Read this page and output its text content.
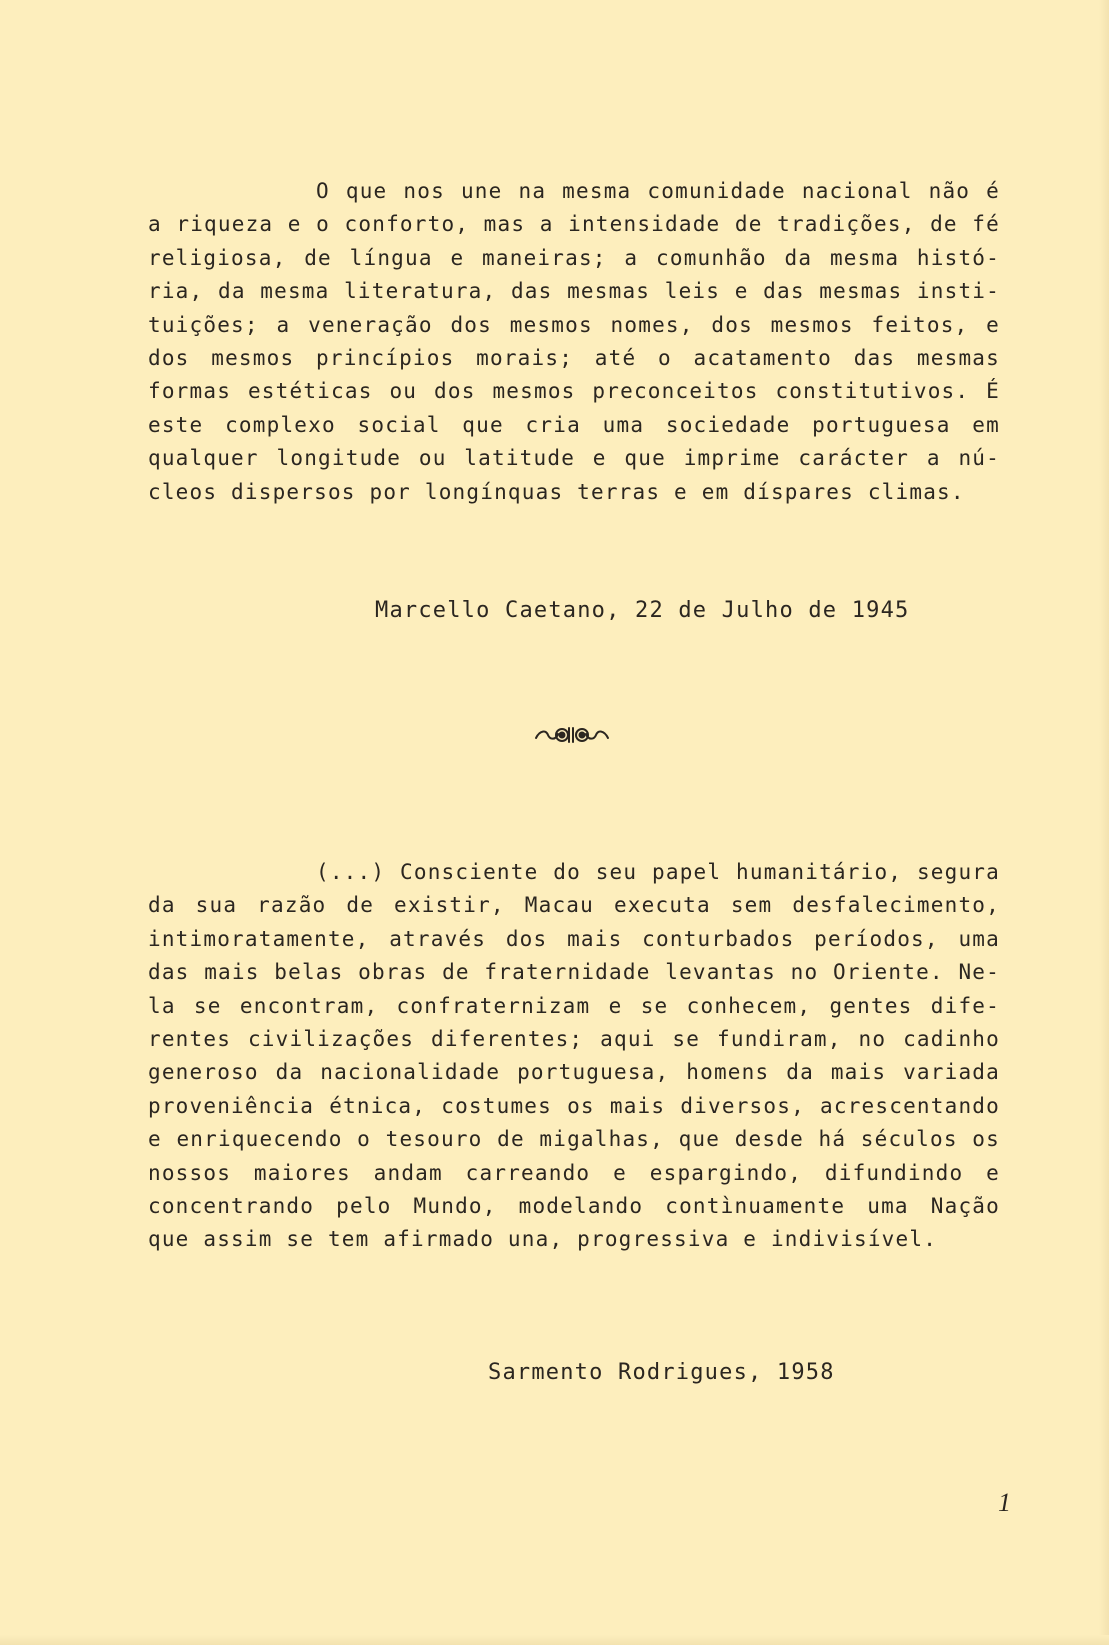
O que nos une na mesma comunidade nacional não é
a riqueza e o conforto, mas a intensidade de tradições, de fé
religiosa, de língua e maneiras; a comunhão da mesma histó-
ria, da mesma literatura, das mesmas leis e das mesmas insti-
tuições; a veneração dos mesmos nomes, dos mesmos feitos, e
dos mesmos princípios morais; até o acatamento das mesmas
formas estéticas ou dos mesmos preconceitos constitutivos. É
este complexo social que cria uma sociedade portuguesa em
qualquer longitude ou latitude e que imprime carácter a nú-
cleos dispersos por longínquas terras e em díspares climas.
Marcello Caetano, 22 de Julho de 1945
(...) Consciente do seu papel humanitário, segura
da sua razão de existir, Macau executa sem desfalecimento,
intimoratamente, através dos mais conturbados períodos, uma
das mais belas obras de fraternidade levantas no Oriente. Ne-
la se encontram, confraternizam e se conhecem, gentes dife-
rentes civilizações diferentes; aqui se fundiram, no cadinho
generoso da nacionalidade portuguesa, homens da mais variada
proveniência étnica, costumes os mais diversos, acrescentando
e enriquecendo o tesouro de migalhas, que desde há séculos os
nossos maiores andam carreando e espargindo, difundindo e
concentrando pelo Mundo, modelando contìnuamente uma Nação
que assim se tem afirmado una, progressiva e indivisível.
Sarmento Rodrigues, 1958
1
